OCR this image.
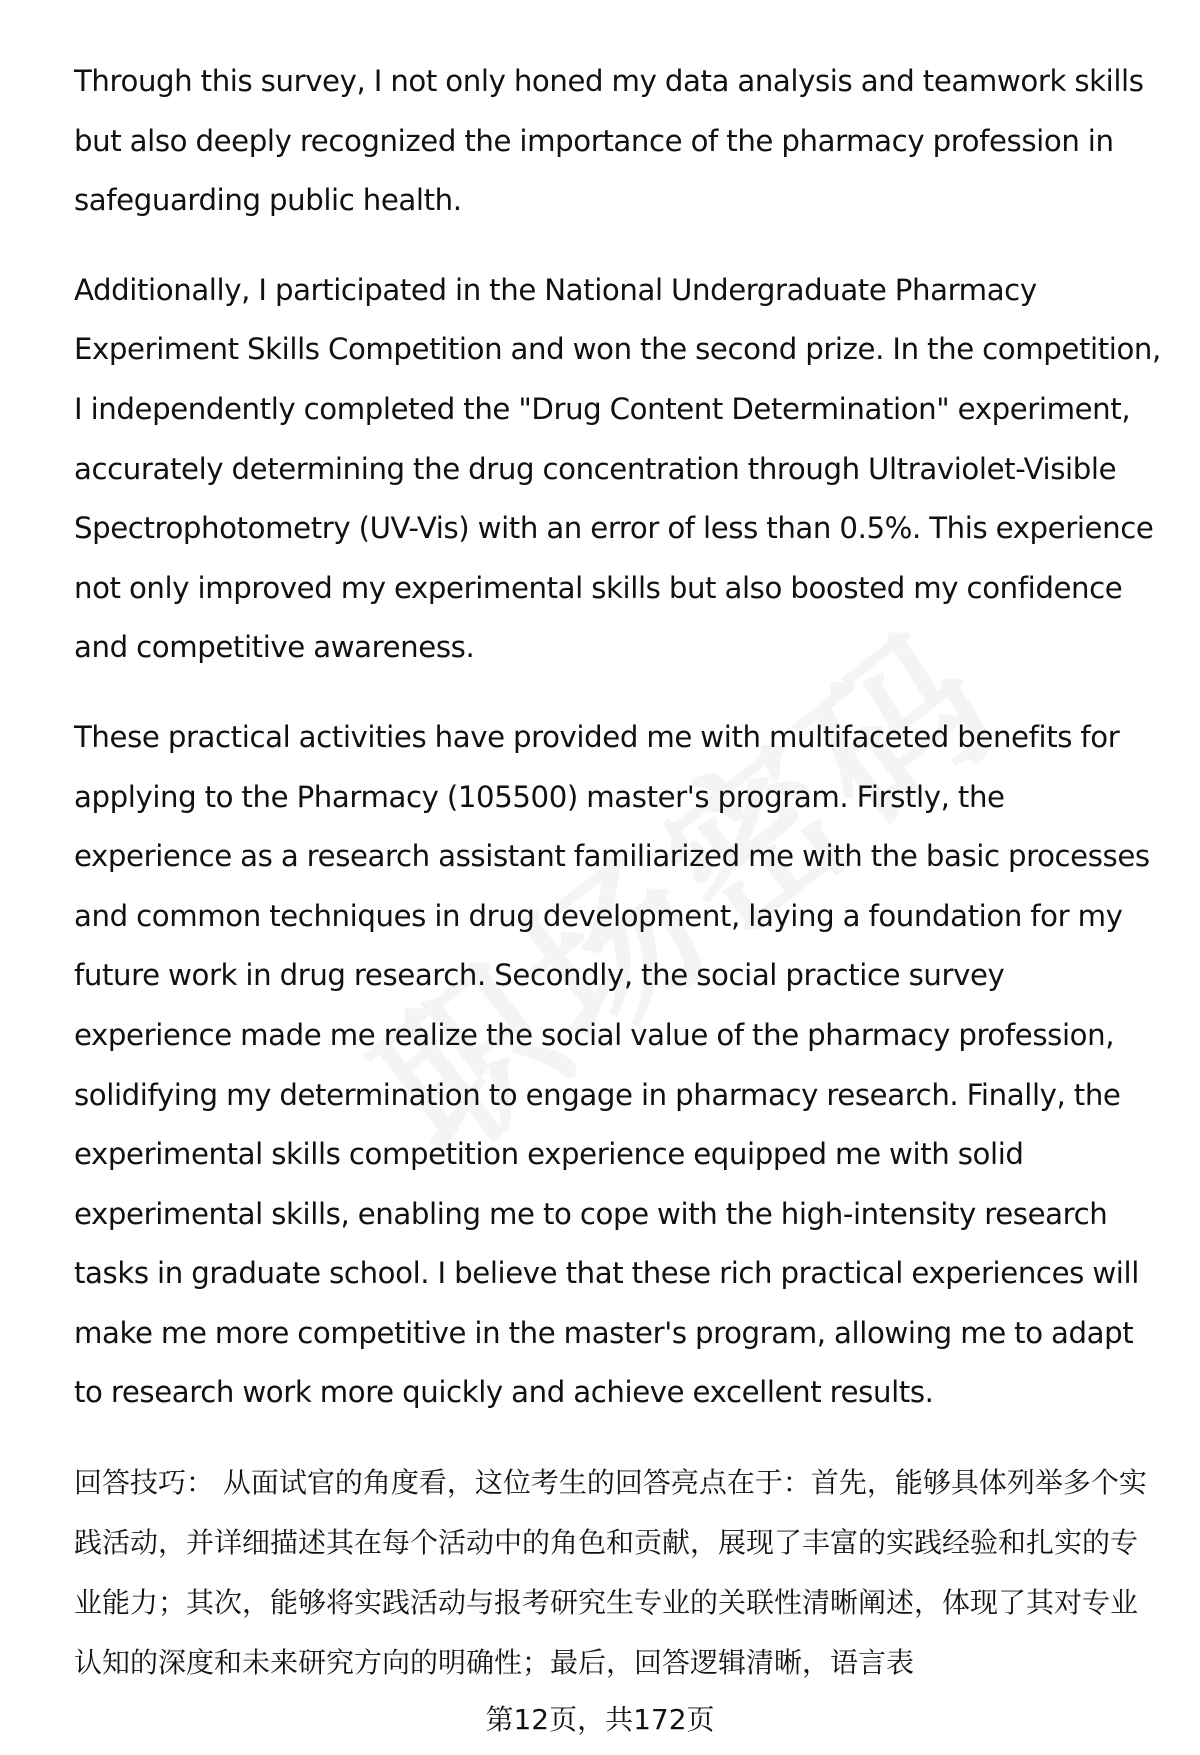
Through this survey, I not only honed my data analysis and teamwork skills but also deeply recognized the importance of the pharmacy profession in safeguarding public health.

Additionally, I participated in the National Undergraduate Pharmacy Experiment Skills Competition and won the second prize. In the competition, I independently completed the "Drug Content Determination" experiment, accurately determining the drug concentration through Ultraviolet-Visible Spectrophotometry (UV-Vis) with an error of less than 0.5%. This experience not only improved my experimental skills but also boosted my confidence and competitive awareness.

These practical activities have provided me with multifaceted benefits for applying to the Pharmacy (105500) master's program. Firstly, the experience as a research assistant familiarized me with the basic processes and common techniques in drug development, laying a foundation for my future work in drug research. Secondly, the social practice survey experience made me realize the social value of the pharmacy profession, solidifying my determination to engage in pharmacy research. Finally, the experimental skills competition experience equipped me with solid experimental skills, enabling me to cope with the high-intensity research tasks in graduate school. I believe that these rich practical experiences will make me more competitive in the master's program, allowing me to adapt to research work more quickly and achieve excellent results.

回答技巧： 从面试官的角度看，这位考生的回答亮点在于：首先，能够具体列举多个实践活动，并详细描述其在每个活动中的角色和贡献，展现了丰富的实践经验和扎实的专业能力；其次，能够将实践活动与报考研究生专业的关联性清晰阐述，体现了其对专业认知的深度和未来研究方向的明确性；最后，回答逻辑清晰，语言表

第12页，共172页
